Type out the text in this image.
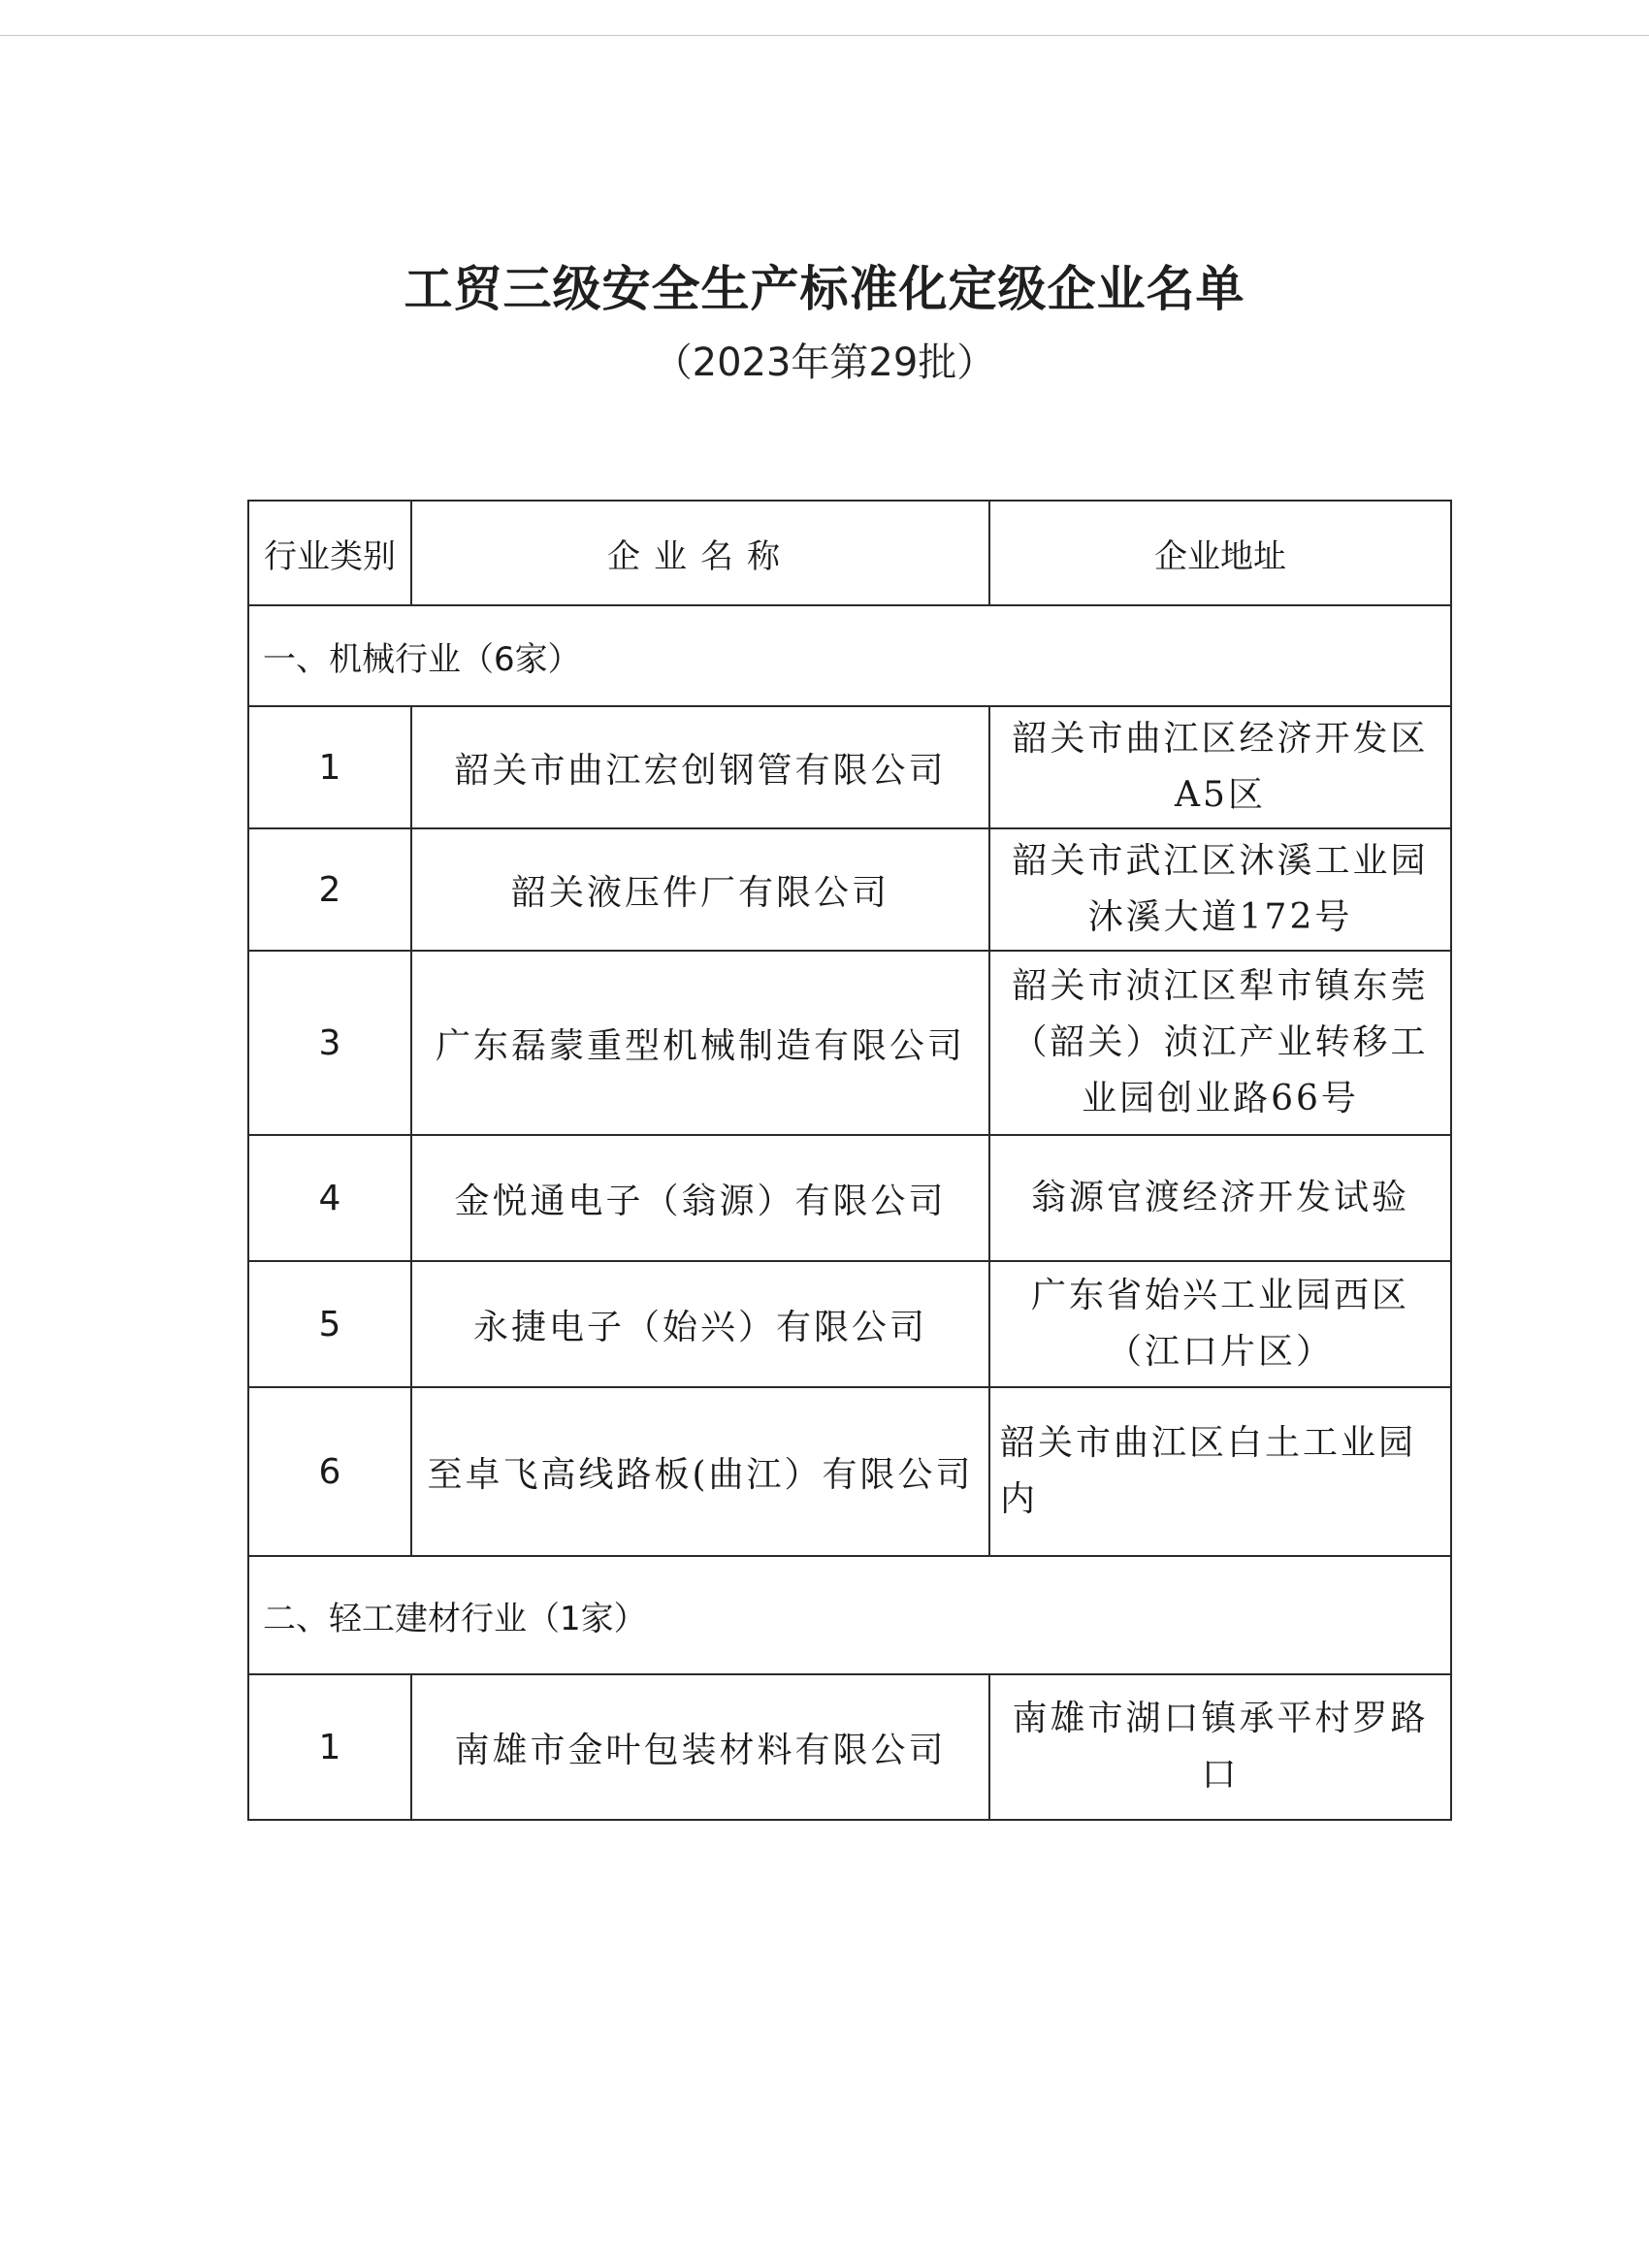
工贸三级安全生产标准化定级企业名单
（2023年第29批）
行业类别	企业名称	企业地址
一、机械行业（6家）		
1	韶关市曲江宏创钢管有限公司	韶关市曲江区经济开发区A5区
2	韶关液压件厂有限公司	韶关市武江区沐溪工业园沐溪大道172号
3	广东磊蒙重型机械制造有限公司	韶关市浈江区犁市镇东莞（韶关）浈江产业转移工业园创业路66号
4	金悦通电子（翁源）有限公司	翁源官渡经济开发试验
5	永捷电子（始兴）有限公司	广东省始兴工业园西区（江口片区）
6	至卓飞高线路板(曲江）有限公司	韶关市曲江区白土工业园内
二、轻工建材行业（1家）		
1	南雄市金叶包装材料有限公司	南雄市湖口镇承平村罗路口
